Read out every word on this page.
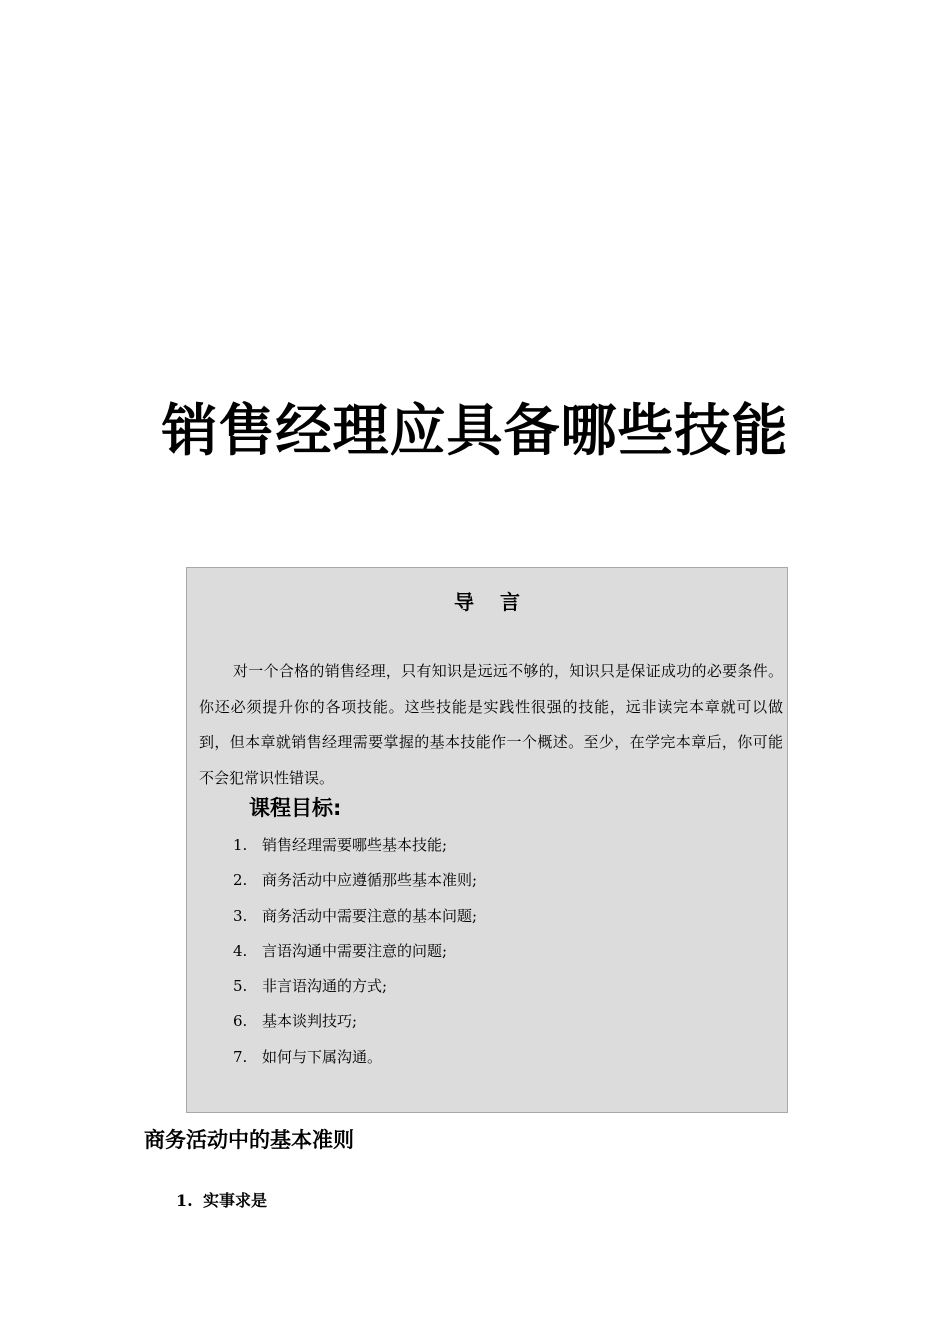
销售经理应具备哪些技能
导言
对一个合格的销售经理，只有知识是远远不够的，知识只是保证成功的必要条件。你还必须提升你的各项技能。这些技能是实践性很强的技能，远非读完本章就可以做到，但本章就销售经理需要掌握的基本技能作一个概述。至少，在学完本章后，你可能不会犯常识性错误。
课程目标:
1. 销售经理需要哪些基本技能;
2. 商务活动中应遵循那些基本准则;
3. 商务活动中需要注意的基本问题;
4. 言语沟通中需要注意的问题;
5. 非言语沟通的方式;
6. 基本谈判技巧;
7. 如何与下属沟通。
商务活动中的基本准则
1. 实事求是
